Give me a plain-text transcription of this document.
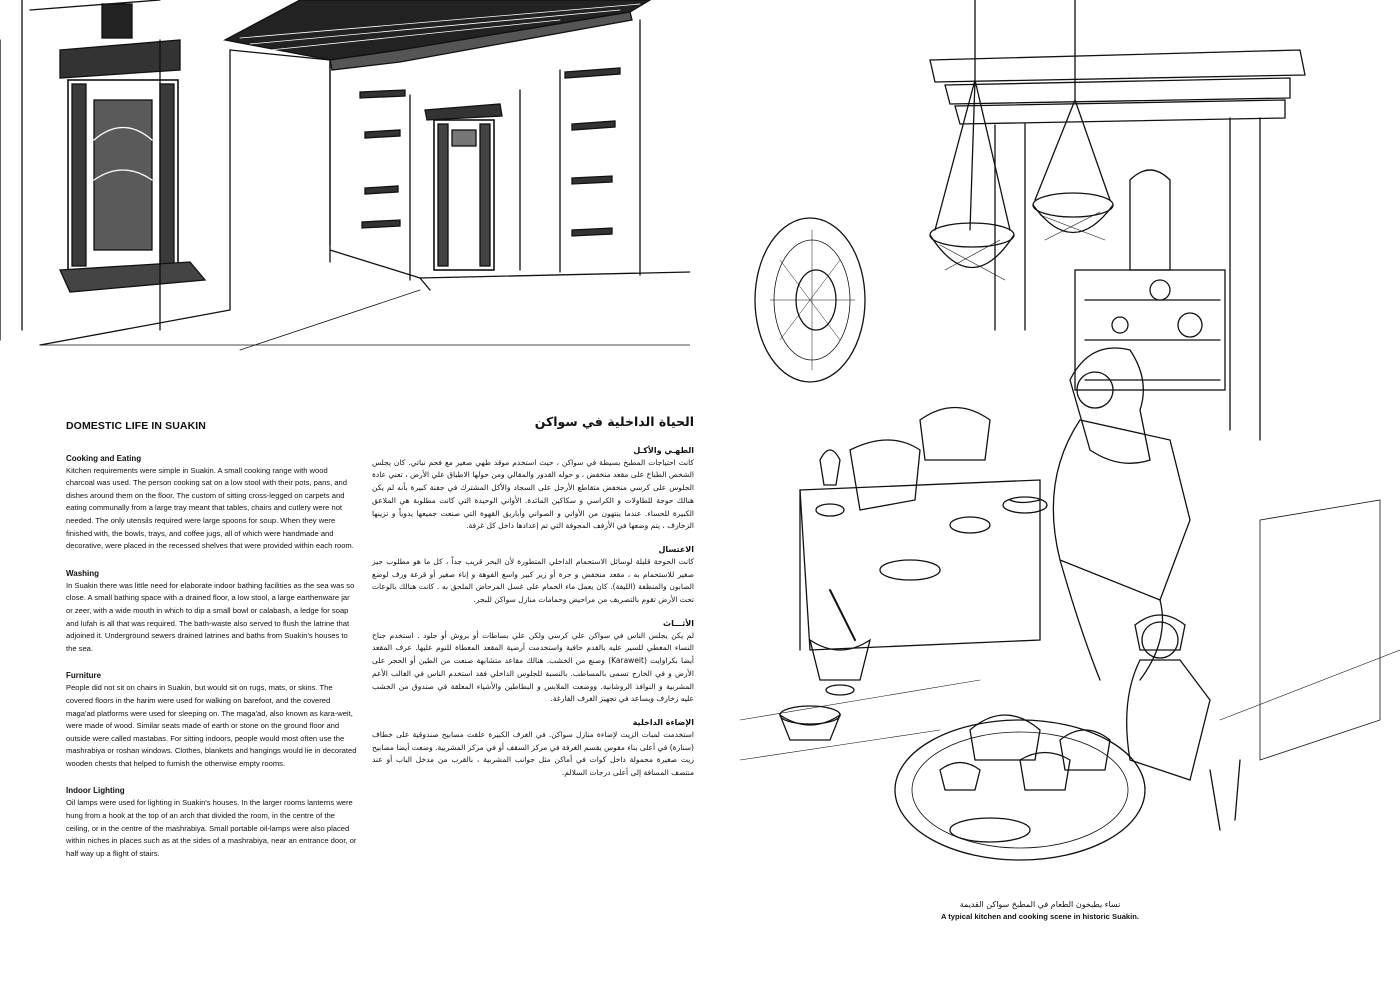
DOMESTIC LIFE IN SUAKIN
Cooking and Eating

Kitchen requirements were simple in Suakin. A small cooking range with wood charcoal was used. The person cooking sat on a low stool with their pots, pans, and dishes around them on the floor. The custom of sitting cross-legged on carpets and eating communally from a large tray meant that tables, chairs and cutlery were not needed. The only utensils required were large spoons for soup. When they were finished with, the bowls, trays, and coffee jugs, all of which were handmade and decorative, were placed in the recessed shelves that were provided within each room.

Washing

In Suakin there was little need for elaborate indoor bathing facilities as the sea was so close. A small bathing space with a drained floor, a low stool, a large earthenware jar or zeer, with a wide mouth in which to dip a small bowl or calabash, a ledge for soap and lufah is all that was required. The bath-waste also served to flush the latrine that adjoined it. Underground sewers drained latrines and baths from Suakin's houses to the sea.

Furniture

People did not sit on chairs in Suakin, but would sit on rugs, mats, or skins. The covered floors in the harim were used for walking on barefoot, and the covered maga'ad platforms were used for sleeping on. The maga'ad, also known as kara-weit, were made of wood. Similar seats made of earth or stone on the ground floor and outside were called mastabas. For sitting indoors, people would most often use the mashrabiya or roshan windows. Clothes, blankets and hangings would lie in decorated wooden chests that helped to furnish the otherwise empty rooms.

Indoor Lighting

Oil lamps were used for lighting in Suakin's houses. In the larger rooms lanterns were hung from a hook at the top of an arch that divided the room, in the centre of the ceiling, or in the centre of the mashrabiya. Small portable oil-lamps were also placed within niches in places such as at the sides of a mashrabiya, near an entrance door, or half way up a flight of stairs.

الحياة الداخلية في سواكن
الطهـي والأكـل

كانت احتياجات المطبخ بسيطة في سواكن ، حيث استخدم موقد طهي صغير مع فحم نباتي. كان يجلس الشخص الطباخ على مقعد منخفض ، و حوله القدور والمقالي ومن حولها الاطباق علي الأرض ، تعني عادة الجلوس على كرسي منخفض متقاطع الأرجل على السجاد والأكل المشترك في جفنة كبيرة بأنه لم يكن هنالك حوجة للطاولات و الكراسي و سكاكين المائدة. الأواني الوحيدة التي كانت مطلوبة هي الملاعق الكبيرة للحساء. عندما ينتهون من الأواني و الصواني وأباريق القهوة التي صنعت جميعها يدوياً و تزينها الزخارف ، يتم وضعها في الأرفف المجوفة التي تم إعدادها داخل كل غرفة.

الاغتسال

كانت الحوجة قليلة لوسائل الاستحمام الداخلي المتطورة لأن البحر قريب جداً ، كل ما هو مطلوب حيز صغير للاستحمام به ، مقعد منخفض و جرة أو زير كبير واسع الفوهة و إناء صغير أو قرعة ورف لوضع الصابون والمنظفة (الليفة). كان يعمل ماء الحمام على غسل المرحاض الملحق به . كانت هنالك بالوعات تحت الأرض تقوم بالتصريف من مراحيض وحمامات منازل سواكن للبحر.

الأثـــاث

لم يكن يجلس الناس في سواكن علي كرسي ولكن علي بساطات أو بروش أو جلود . استخدم جناح النساء المغطي للسير عليه بالقدم حافية واستخدمت أرضية المقعد المغطاة للنوم عليها. عرف المقعد أيضا بكراوايت (Karaweit) وصنع من الخشب. هنالك مقاعد متشابهة صنعت من الطين أو الحجر على الأرض و في الخارج تسمى بالمساطب. بالنسبة للجلوس الداخلي فقد استخدم الناس في الغالب الأعم المشربية و النوافذ الروشانية. ووضعت الملابس و البطاطين والأشياء المعلقة في صندوق من الخشب عليه زخارف ويساعد في تجهيز الغرف الفارغة.

الإضاءة الداخلية

استخدمت لمبات الزيت لإضاءة منازل سواكن. في الغرف الكبيرة علقت مصابيح صندوقية على خطاف (سنارة) في أعلى بناء مقوس يقسم الغرفة في مركز السقف أو في مركز المشربية. وضعت أيضا مصابيح زيت صغيرة محمولة داخل كوات في أماكن مثل جوانب المشربية ، بالقرب من مدخل الباب أو عند منتصف المسافة إلى أعلى درجات السلالم.

نساء يطبخون الطعام في المطبخ سواكن القديمة
A typical kitchen and cooking scene in historic Suakin.
